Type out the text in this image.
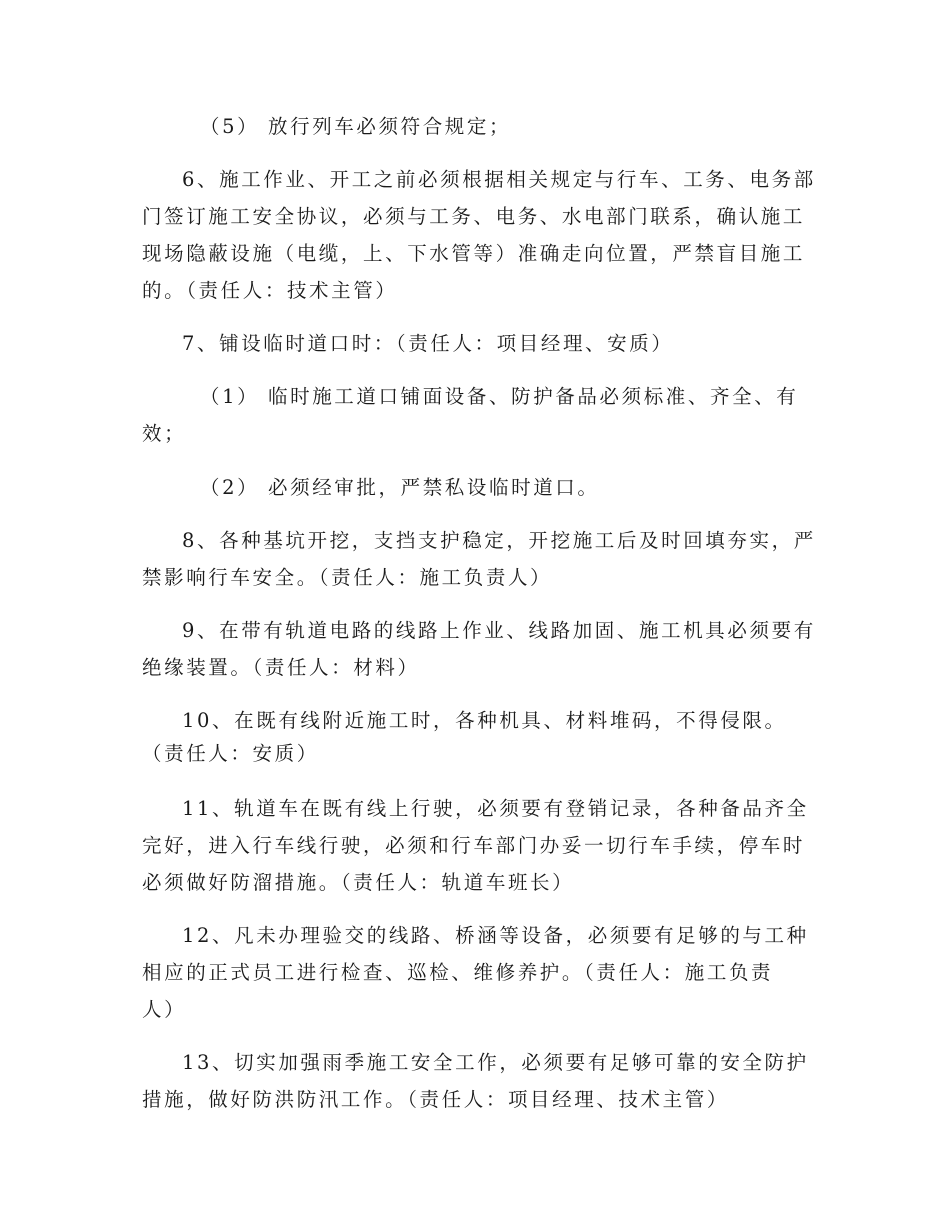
（5） 放行列车必须符合规定；
6、施工作业、开工之前必须根据相关规定与行车、工务、电务部
门签订施工安全协议，必须与工务、电务、水电部门联系，确认施工
现场隐蔽设施（电缆，上、下水管等）准确走向位置，严禁盲目施工
的。（责任人：技术主管）
7、铺设临时道口时：（责任人：项目经理、安质）
（1） 临时施工道口铺面设备、防护备品必须标准、齐全、有
效；
（2） 必须经审批，严禁私设临时道口。
8、各种基坑开挖，支挡支护稳定，开挖施工后及时回填夯实，严
禁影响行车安全。（责任人：施工负责人）
9、在带有轨道电路的线路上作业、线路加固、施工机具必须要有
绝缘装置。（责任人：材料）
10、在既有线附近施工时，各种机具、材料堆码，不得侵限。
（责任人：安质）
11、轨道车在既有线上行驶，必须要有登销记录，各种备品齐全
完好，进入行车线行驶，必须和行车部门办妥一切行车手续，停车时
必须做好防溜措施。（责任人：轨道车班长）
12、凡未办理验交的线路、桥涵等设备，必须要有足够的与工种
相应的正式员工进行检查、巡检、维修养护。（责任人：施工负责
人）
13、切实加强雨季施工安全工作，必须要有足够可靠的安全防护
措施，做好防洪防汛工作。（责任人：项目经理、技术主管）
